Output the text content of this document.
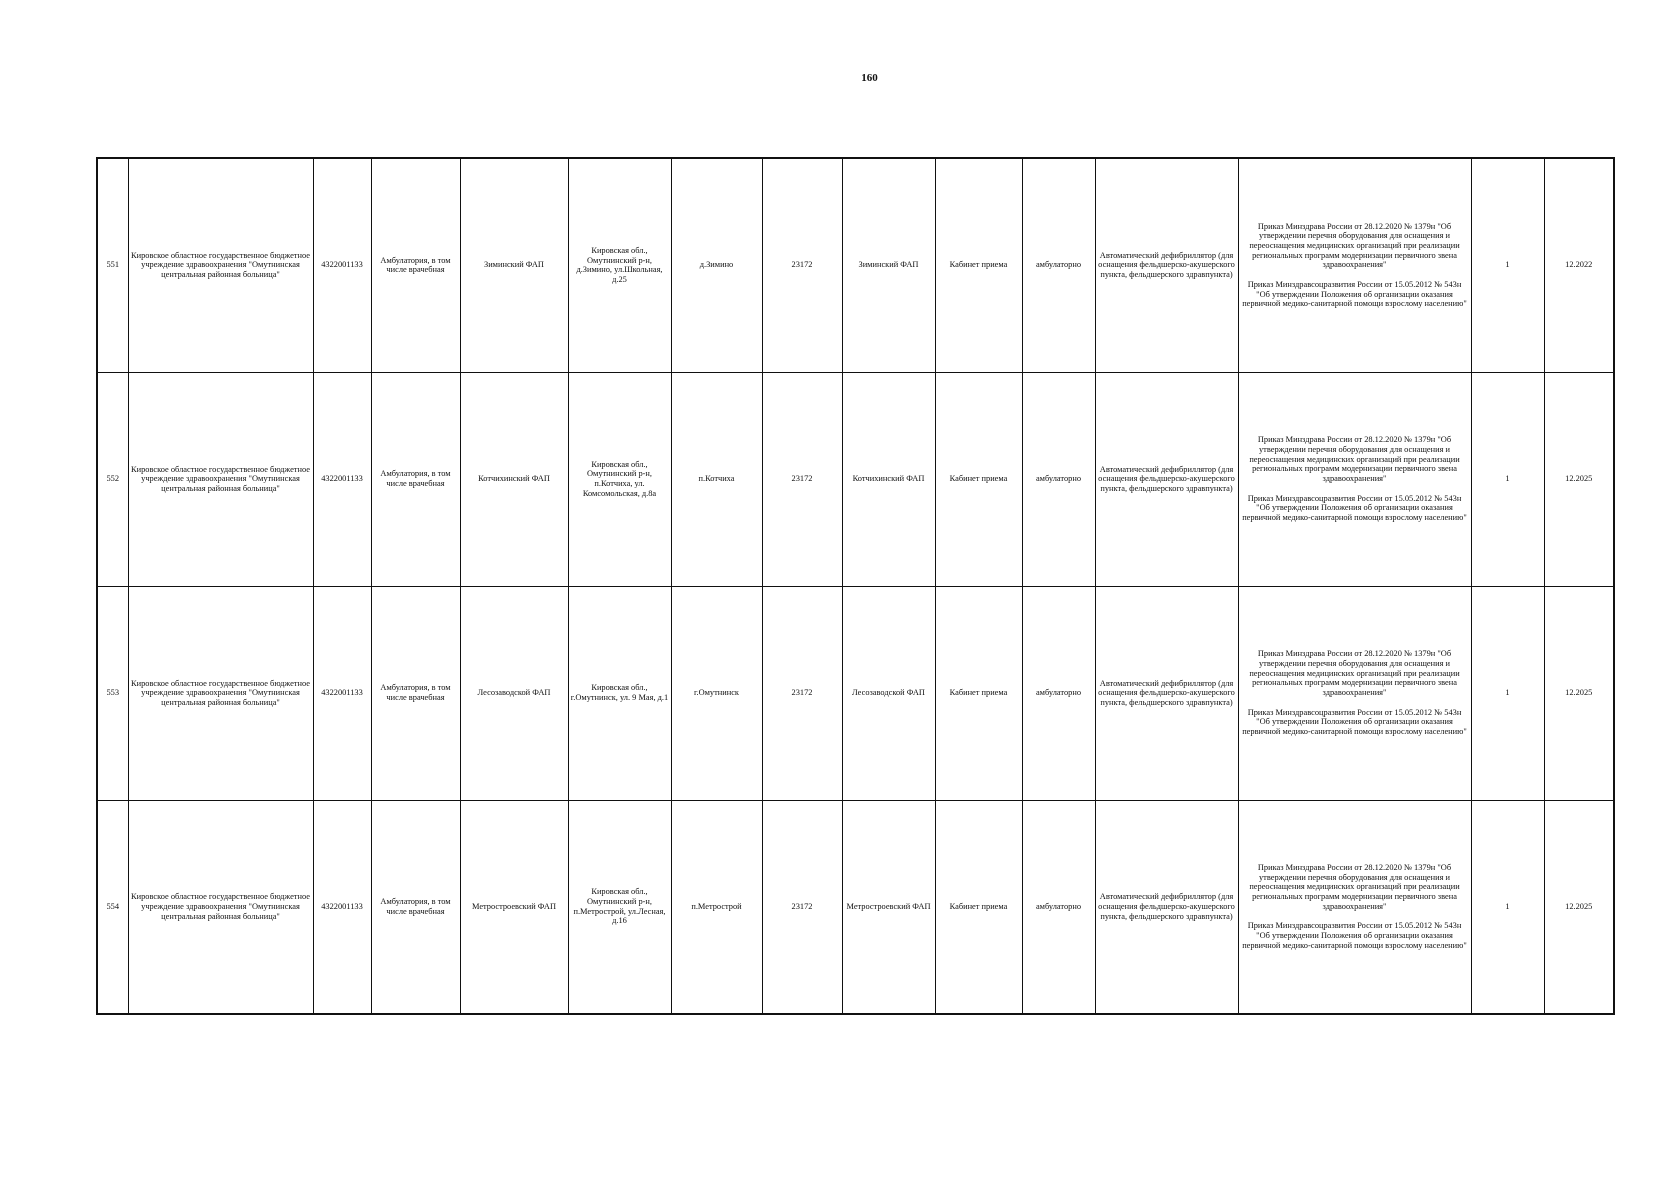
160
551	Кировское областное государственное бюджетное учреждение здравоохранения "Омутнинская центральная районная больница"	4322001133	Амбулатория, в том числе врачебная	Зиминский ФАП	Кировская обл., Омутнинский р-н, д.Зимино, ул.Школьная, д.25	д.Зимино	23172	Зиминский ФАП	Кабинет приема	амбулаторно	Автоматический дефибриллятор (для оснащения фельдшерско-акушерского пункта, фельдшерского здравпункта)	Приказ Минздрава России от 28.12.2020 № 1379н "Об утверждении перечня оборудования для оснащения и переоснащения медицинских организаций при реализации региональных программ модернизации первичного звена здравоохранения"
Приказ Минздравсоцразвития России от 15.05.2012 № 543н "Об утверждении Положения об организации оказания первичной медико-санитарной помощи взрослому населению"	1	12.2022
552	Кировское областное государственное бюджетное учреждение здравоохранения "Омутнинская центральная районная больница"	4322001133	Амбулатория, в том числе врачебная	Котчихинский ФАП	Кировская обл., Омутнинский р-н, п.Котчиха, ул. Комсомольская, д.8а	п.Котчиха	23172	Котчихинский ФАП	Кабинет приема	амбулаторно	Автоматический дефибриллятор (для оснащения фельдшерско-акушерского пункта, фельдшерского здравпункта)	Приказ Минздрава России от 28.12.2020 № 1379н "Об утверждении перечня оборудования для оснащения и переоснащения медицинских организаций при реализации региональных программ модернизации первичного звена здравоохранения"
Приказ Минздравсоцразвития России от 15.05.2012 № 543н "Об утверждении Положения об организации оказания первичной медико-санитарной помощи взрослому населению"	1	12.2025
553	Кировское областное государственное бюджетное учреждение здравоохранения "Омутнинская центральная районная больница"	4322001133	Амбулатория, в том числе врачебная	Лесозаводской ФАП	Кировская обл., г.Омутнинск, ул. 9 Мая, д.1	г.Омутнинск	23172	Лесозаводской ФАП	Кабинет приема	амбулаторно	Автоматический дефибриллятор (для оснащения фельдшерско-акушерского пункта, фельдшерского здравпункта)	Приказ Минздрава России от 28.12.2020 № 1379н "Об утверждении перечня оборудования для оснащения и переоснащения медицинских организаций при реализации региональных программ модернизации первичного звена здравоохранения"
Приказ Минздравсоцразвития России от 15.05.2012 № 543н "Об утверждении Положения об организации оказания первичной медико-санитарной помощи взрослому населению"	1	12.2025
554	Кировское областное государственное бюджетное учреждение здравоохранения "Омутнинская центральная районная больница"	4322001133	Амбулатория, в том числе врачебная	Метростроевский ФАП	Кировская обл., Омутнинский р-н, п.Метрострой, ул.Лесная, д.16	п.Метрострой	23172	Метростроевский ФАП	Кабинет приема	амбулаторно	Автоматический дефибриллятор (для оснащения фельдшерско-акушерского пункта, фельдшерского здравпункта)	Приказ Минздрава России от 28.12.2020 № 1379н "Об утверждении перечня оборудования для оснащения и переоснащения медицинских организаций при реализации региональных программ модернизации первичного звена здравоохранения"
Приказ Минздравсоцразвития России от 15.05.2012 № 543н "Об утверждении Положения об организации оказания первичной медико-санитарной помощи взрослому населению"	1	12.2025
